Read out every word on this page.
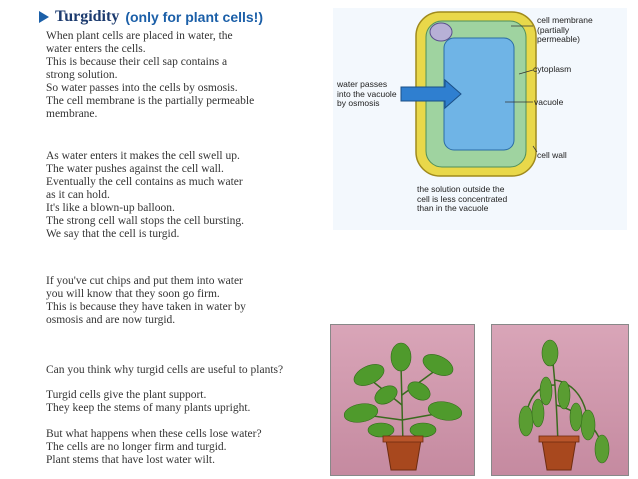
Turgidity (only for plant cells!)
When plant cells are placed in water, the
water enters the cells.
This is because their cell sap contains a
strong solution.
So water passes into the cells by osmosis.
The cell membrane is the partially permeable
membrane.
As water enters it makes the cell swell up.
The water pushes against the cell wall.
Eventually the cell contains as much water
as it can hold.
It's like a blown-up balloon.
The strong cell wall stops the cell bursting.
We say that the cell is turgid.
If you've cut chips and put them into water
you will know that they soon go firm.
This is because they have taken in water by
osmosis and are now turgid.
Can you think why turgid cells are useful to plants?
Turgid cells give the plant support.
They keep the stems of many plants upright.
But what happens when these cells lose water?
The cells are no longer firm and turgid.
Plant stems that have lost water wilt.
cell membrane
(partially
permeable)
cytoplasm
vacuole
cell wall
water passes
into the vacuole
by osmosis
the solution outside the
cell is less concentrated
than in the vacuole
